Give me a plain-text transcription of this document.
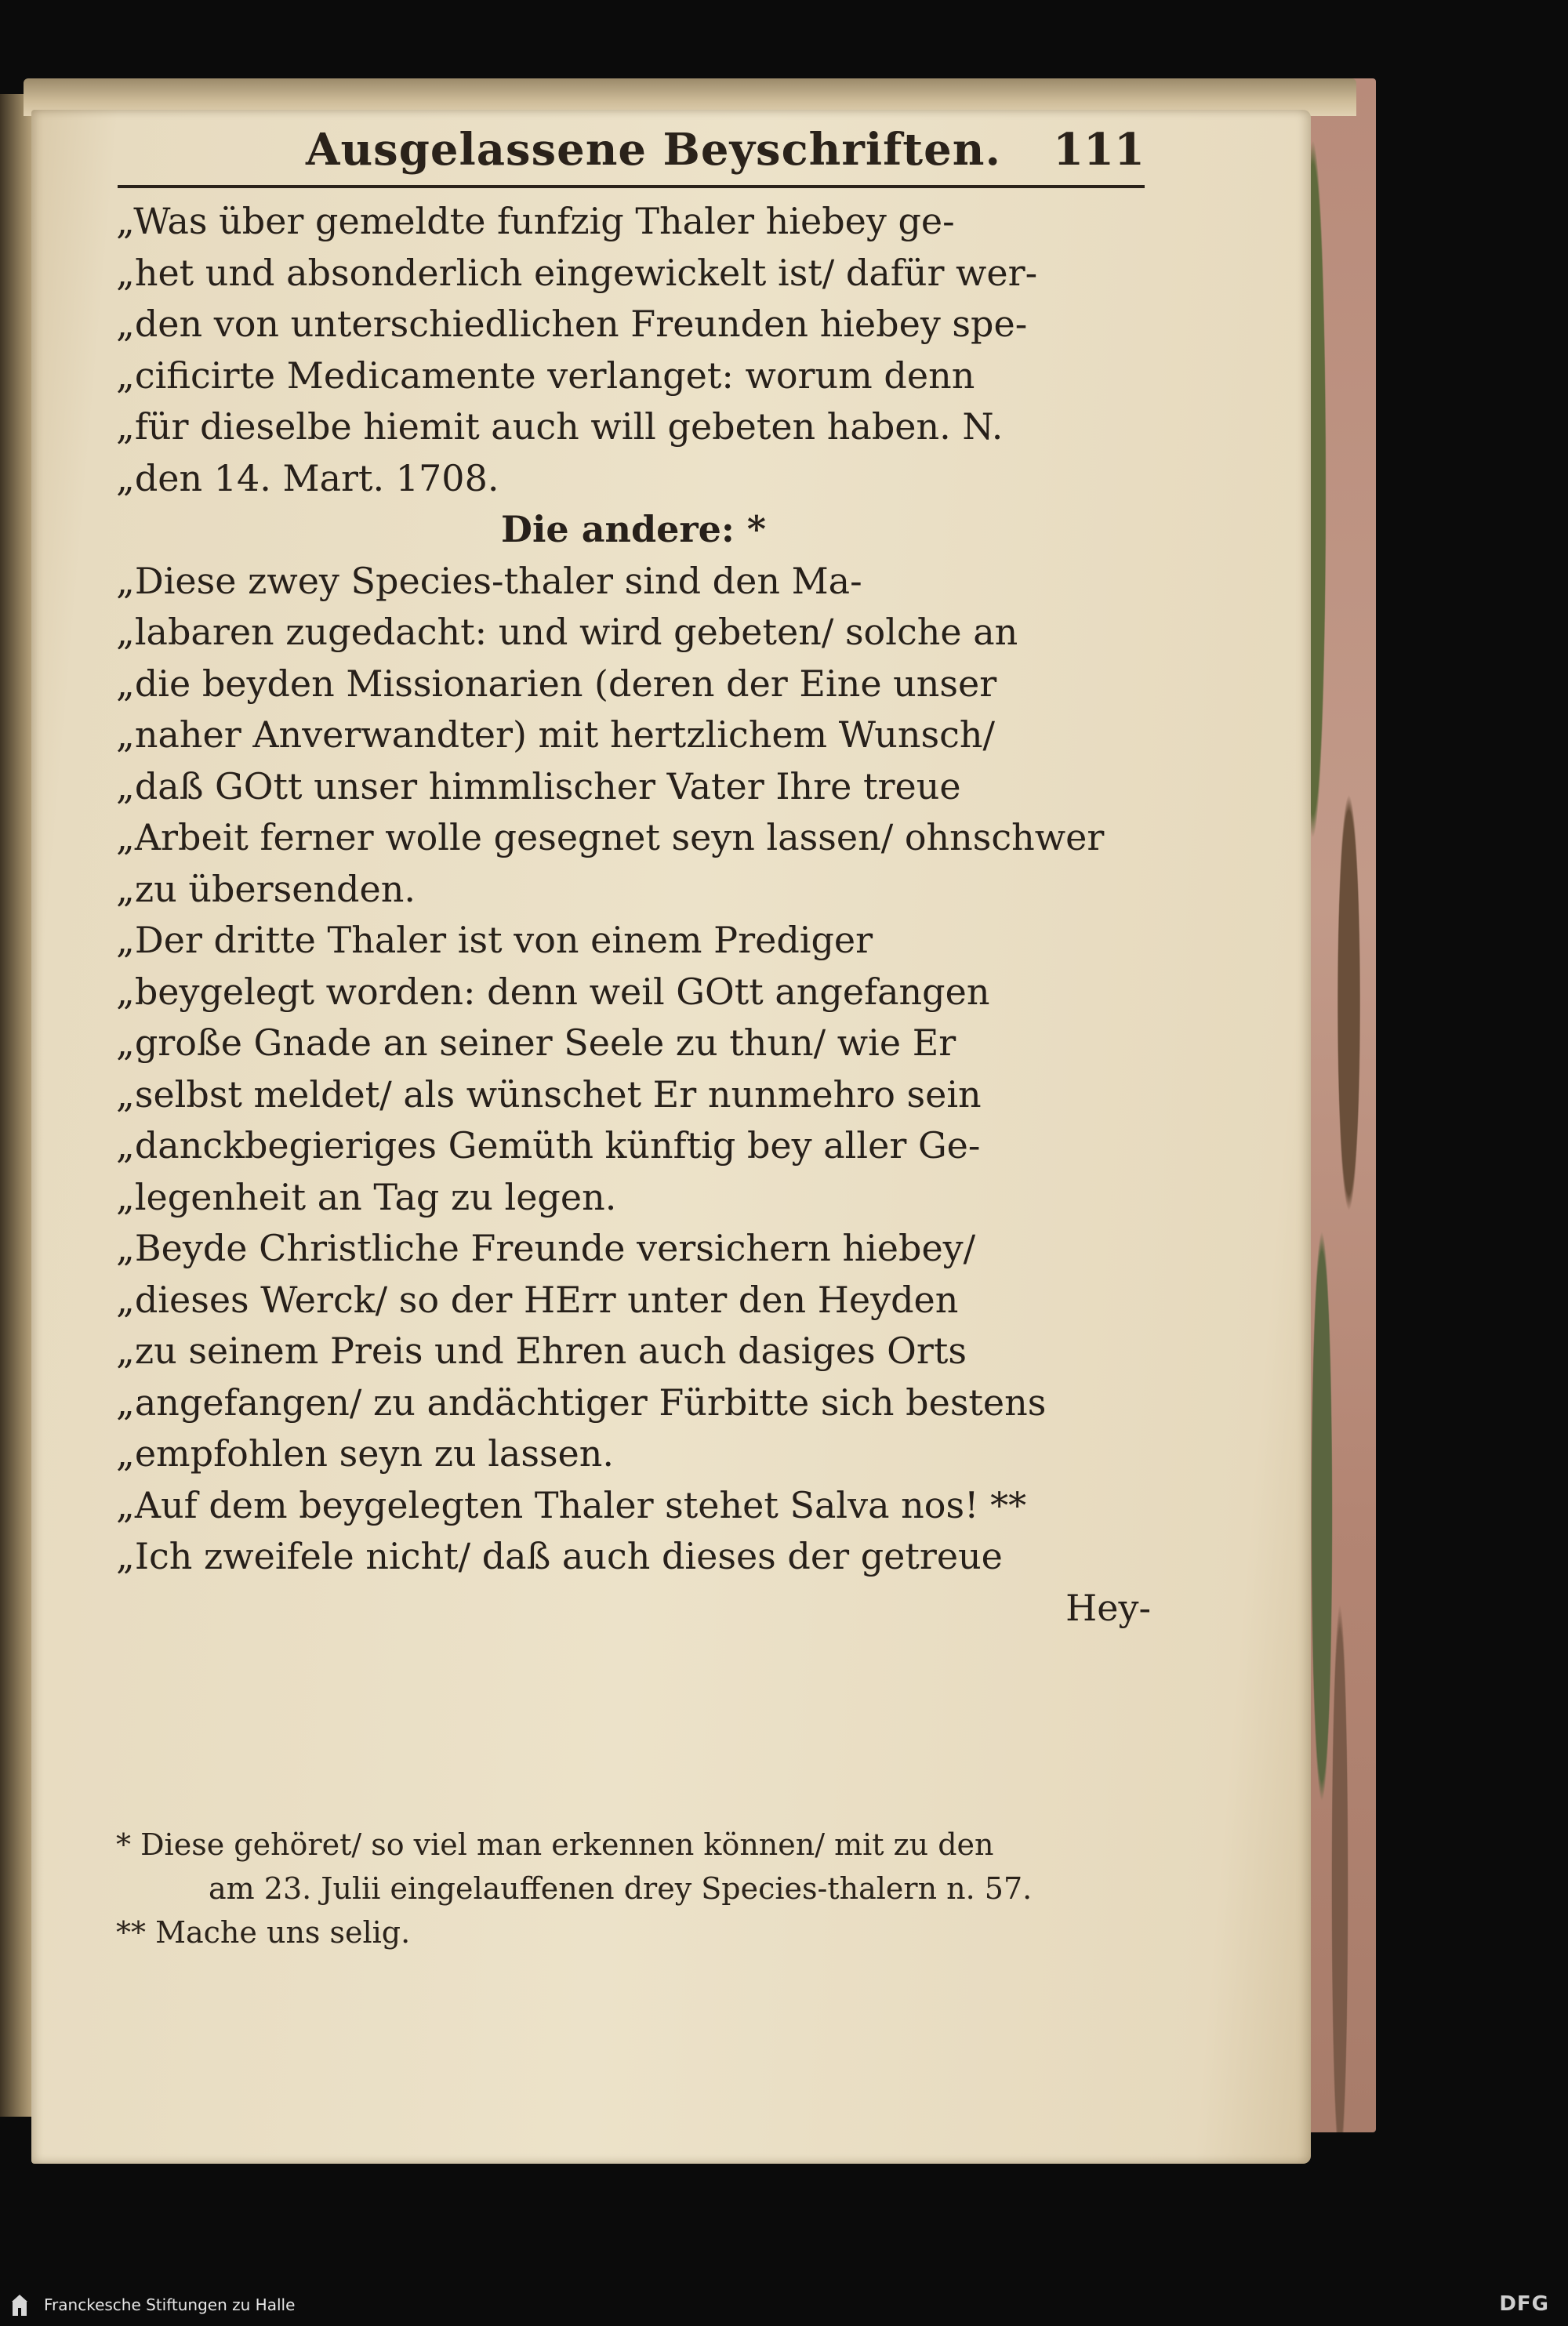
Ausgelassene Beyschriften. 111
„Was über gemeldte funfzig Thaler hiebey ge-
„het und absonderlich eingewickelt ist/ dafür wer-
„den von unterschiedlichen Freunden hiebey spe-
„cificirte Medicamente verlanget: worum denn
„für dieselbe hiemit auch will gebeten haben. N.
„den 14. Mart. 1708.
Die andere: *
„Diese zwey Species-thaler sind den Ma-
„labaren zugedacht: und wird gebeten/ solche an
„die beyden Missionarien (deren der Eine unser
„naher Anverwandter) mit hertzlichem Wunsch/
„daß GOtt unser himmlischer Vater Ihre treue
„Arbeit ferner wolle gesegnet seyn lassen/ ohnschwer
„zu übersenden.
„Der dritte Thaler ist von einem Prediger
„beygelegt worden: denn weil GOtt angefangen
„große Gnade an seiner Seele zu thun/ wie Er
„selbst meldet/ als wünschet Er nunmehro sein
„danckbegieriges Gemüth künftig bey aller Ge-
„legenheit an Tag zu legen.
„Beyde Christliche Freunde versichern hiebey/
„dieses Werck/ so der HErr unter den Heyden
„zu seinem Preis und Ehren auch dasiges Orts
„angefangen/ zu andächtiger Fürbitte sich bestens
„empfohlen seyn zu lassen.
„Auf dem beygelegten Thaler stehet Salva nos! **
„Ich zweifele nicht/ daß auch dieses der getreue
Hey-
* Diese gehöret/ so viel man erkennen können/ mit zu den
am 23. Julii eingelauffenen drey Species-thalern n. 57.
** Mache uns selig.
Franckesche Stiftungen zu Halle	DFG
